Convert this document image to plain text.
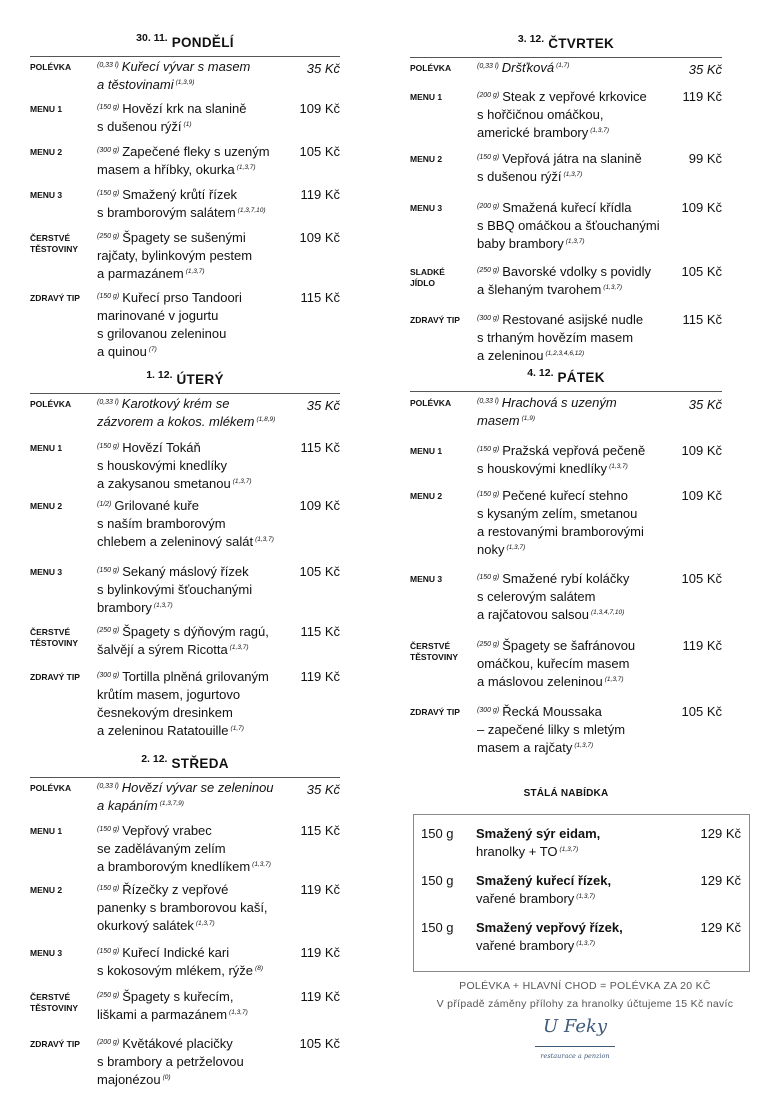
$^{30. 11.}$ PONDĚLÍ
POLÉVKA	$^{(0,33 l)}$ Kuřecí vývar s masem
a těstovinami $^{(1,3,9)}$
35 Kč
MENU 1	$^{(150 g)}$ Hovězí krk na slanině
s dušenou rýží $^{(1)}$
109 Kč
MENU 2	$^{(300 g)}$ Zapečené fleky s uzeným
masem a hříbky, okurka $^{(1,3,7)}$
105 Kč
MENU 3	$^{(150 g)}$ Smažený krůtí řízek
s bramborovým salátem $^{(1,3,7,10)}$
119 Kč
ČERSTVÉ TĚSTOVINY
$^{(250 g)}$ Špagety se sušenými
rajčaty, bylinkovým pestem
a parmazánem $^{(1,3,7)}$
109 Kč
ZDRAVÝ TIP	$^{(150 g)}$ Kuřecí prso Tandoori
marinované v jogurtu
s grilovanou zeleninou
a quinou $^{(7)}$
115 Kč
$^{1. 12.}$ ÚTERÝ
POLÉVKA	$^{(0,33 l)}$ Karotkový krém se
zázvorem a kokos. mlékem $^{(1,8,9)}$
35 Kč
MENU 1	$^{(150 g)}$ Hovězí Tokáň
s houskovými knedlíky
a zakysanou smetanou $^{(1,3,7)}$
115 Kč
MENU 2	$^{(1/2)}$ Grilované kuře
s naším bramborovým
chlebem a zeleninový salát $^{(1,3,7)}$
109 Kč
MENU 3	$^{(150 g)}$ Sekaný máslový řízek
s bylinkovými šťouchanými
brambory $^{(1,3,7)}$
105 Kč
ČERSTVÉ TĚSTOVINY
$^{(250 g)}$ Špagety s dýňovým ragú,
šalvějí a sýrem Ricotta $^{(1,3,7)}$
115 Kč
ZDRAVÝ TIP	$^{(300 g)}$ Tortilla plněná grilovaným
krůtím masem, jogurtovo
česnekovým dresinkem
a zeleninou Ratatouille $^{(1,7)}$
119 Kč
$^{2. 12.}$ STŘEDA
POLÉVKA	$^{(0,33 l)}$ Hovězí vývar se zeleninou
a kapáním $^{(1,3,7,9)}$
35 Kč
MENU 1	$^{(150 g)}$ Vepřový vrabec
se zadělávaným zelím
a bramborovým knedlíkem $^{(1,3,7)}$
115 Kč
MENU 2	$^{(150 g)}$ Řízečky z vepřové
panenky s bramborovou kaší,
okurkový salátek $^{(1,3,7)}$
119 Kč
MENU 3	$^{(150 g)}$ Kuřecí Indické kari
s kokosovým mlékem, rýže $^{(8)}$
119 Kč
ČERSTVÉ TĚSTOVINY
$^{(250 g)}$ Špagety s kuřecím,
liškami a parmazánem $^{(1,3,7)}$
119 Kč
ZDRAVÝ TIP	$^{(200 g)}$ Květákové placičky
s brambory a petrželovou
majonézou $^{(0)}$
105 Kč
$^{3. 12.}$ ČTVRTEK
POLÉVKA	$^{(0,33 l)}$ Dršťková $^{(1,7)}$	35 Kč
MENU 1	$^{(200 g)}$ Steak z vepřové krkovice
s hořčičnou omáčkou,
americké brambory $^{(1,3,7)}$
119 Kč
MENU 2	$^{(150 g)}$ Vepřová játra na slanině
s dušenou rýží $^{(1,3,7)}$
99 Kč
MENU 3	$^{(200 g)}$ Smažená kuřecí křídla
s BBQ omáčkou a šťouchanými
baby brambory $^{(1,3,7)}$
109 Kč
SLADKÉ JÍDLO
$^{(250 g)}$ Bavorské vdolky s povidly
a šlehaným tvarohem $^{(1,3,7)}$
105 Kč
ZDRAVÝ TIP	$^{(300 g)}$ Restované asijské nudle
s trhaným hovězím masem
a zeleninou $^{(1,2,3,4,6,12)}$
115 Kč
$^{4. 12.}$ PÁTEK
POLÉVKA	$^{(0,33 l)}$ Hrachová s uzeným
masem $^{(1,9)}$
35 Kč
MENU 1	$^{(150 g)}$ Pražská vepřová pečeně
s houskovými knedlíky $^{(1,3,7)}$
109 Kč
MENU 2	$^{(150 g)}$ Pečené kuřecí stehno
s kysaným zelím, smetanou
a restovanými bramborovými
noky $^{(1,3,7)}$
109 Kč
MENU 3	$^{(150 g)}$ Smažené rybí koláčky
s celerovým salátem
a rajčatovou salsou $^{(1,3,4,7,10)}$
105 Kč
ČERSTVÉ TĚSTOVINY
$^{(250 g)}$ Špagety se šafránovou
omáčkou, kuřecím masem
a máslovou zeleninou $^{(1,3,7)}$
119 Kč
ZDRAVÝ TIP	$^{(300 g)}$ Řecká Moussaka
– zapečené lilky s mletým
masem a rajčaty $^{(1,3,7)}$
105 Kč
STÁLÁ NABÍDKA
150 g Smažený sýr eidam,
hranolky + TO $^{(1,3,7)}$
129 Kč
150 g Smažený kuřecí řízek,
vařené brambory $^{(1,3,7)}$
129 Kč
150 g Smažený vepřový řízek,
vařené brambory $^{(1,3,7)}$
129 Kč
POLÉVKA + HLAVNÍ CHOD = POLÉVKA ZA 20 KČ
V případě záměny přílohy za hranolky účtujeme 15 Kč navíc
U Feky
restaurace a penzion
